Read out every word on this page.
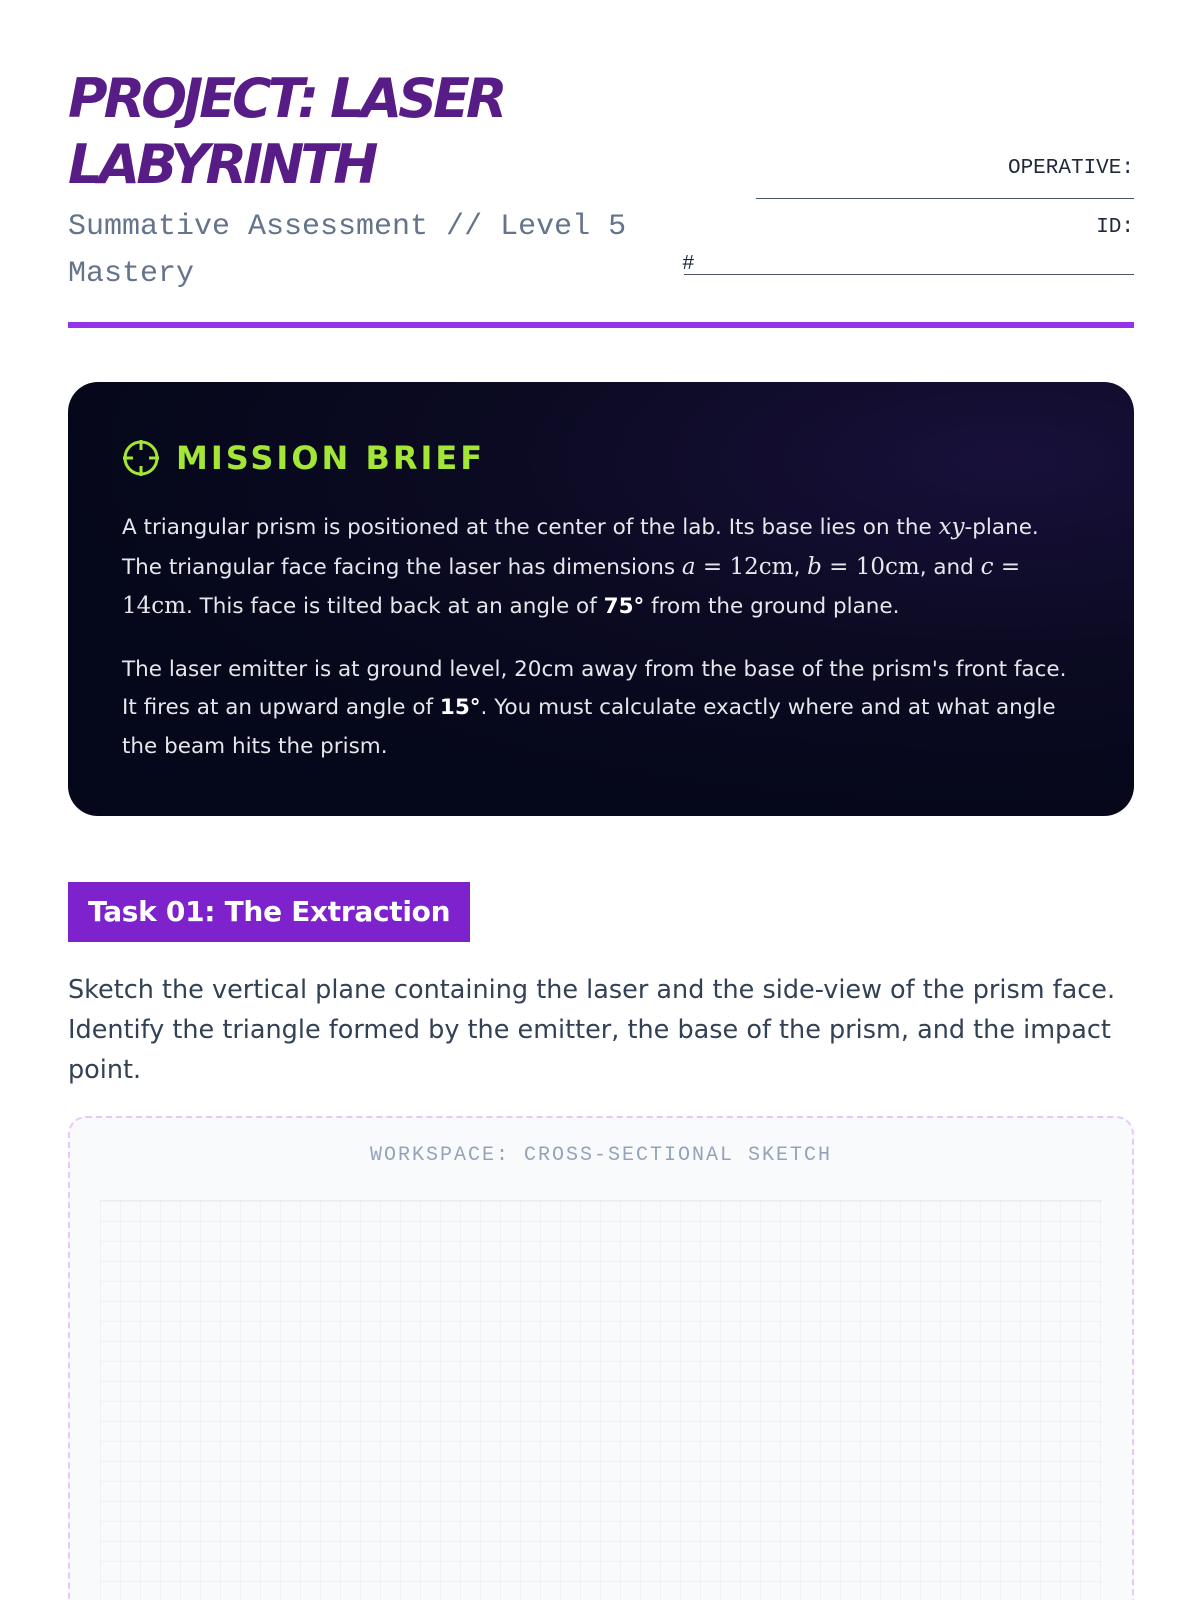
PROJECT: LASER LABYRINTH
Summative Assessment // Level 5 Mastery
OPERATIVE:
ID:
#
MISSION BRIEF

A triangular prism is positioned at the center of the lab. Its base lies on the xy-plane. The triangular face facing the laser has dimensions a = 12cm, b = 10cm, and c = 14cm. This face is tilted back at an angle of 75° from the ground plane.

The laser emitter is at ground level, 20cm away from the base of the prism's front face. It fires at an upward angle of 15°. You must calculate exactly where and at what angle the beam hits the prism.

Task 01: The Extraction

Sketch the vertical plane containing the laser and the side-view of the prism face. Identify the triangle formed by the emitter, the base of the prism, and the impact point.

WORKSPACE: CROSS-SECTIONAL SKETCH
